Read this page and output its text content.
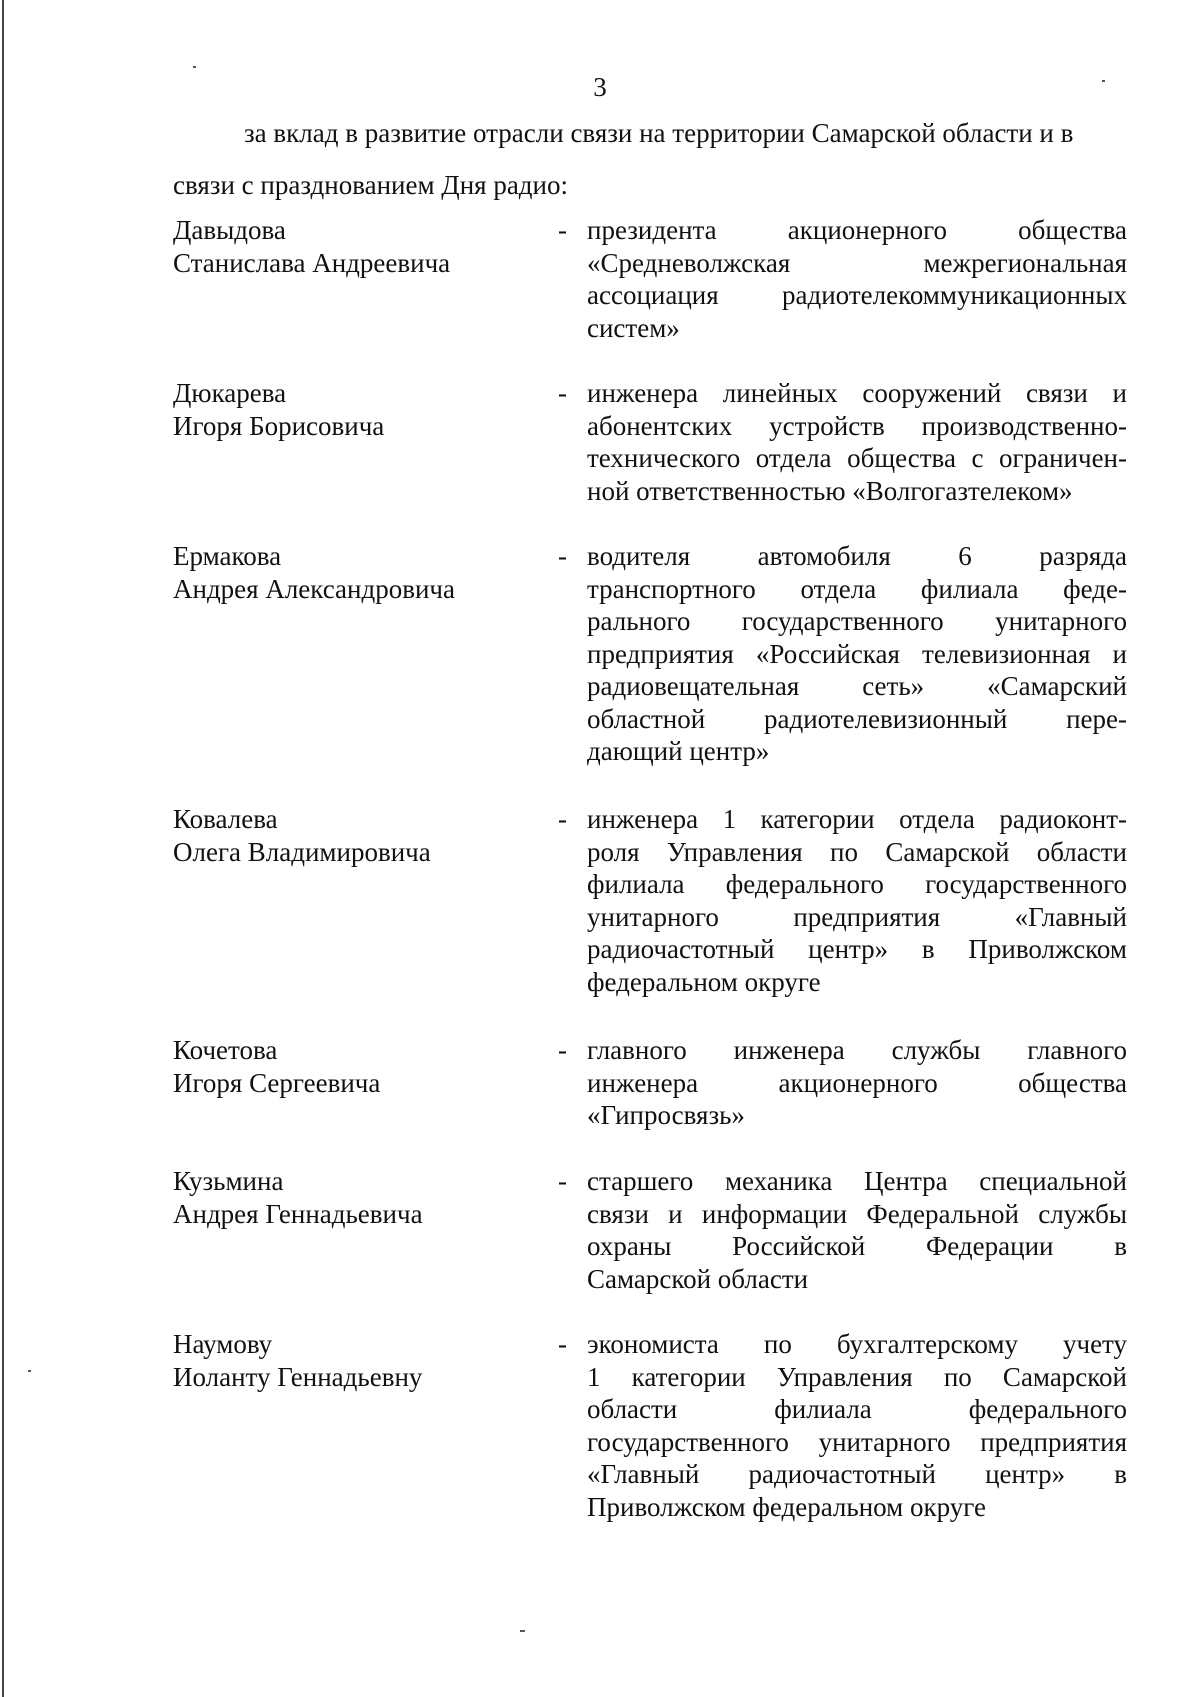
3
за вклад в развитие отрасли связи на территории Самарской области и в
связи с празднованием Дня радио:
Давыдова
Станислава Андреевича
- президента акционерного общества
«Средневолжская межрегиональная
ассоциация радиотелекоммуникационных
систем»
Дюкарева
Игоря Борисовича
- инженера линейных сооружений связи и
абонентских устройств производственно-
технического отдела общества с ограничен-
ной ответственностью «Волгогазтелеком»
Ермакова
Андрея Александровича
- водителя автомобиля 6 разряда
транспортного отдела филиала феде-
рального государственного унитарного
предприятия «Российская телевизионная и
радиовещательная сеть» «Самарский
областной радиотелевизионный пере-
дающий центр»
Ковалева
Олега Владимировича
- инженера 1 категории отдела радиоконт-
роля Управления по Самарской области
филиала федерального государственного
унитарного предприятия «Главный
радиочастотный центр» в Приволжском
федеральном округе
Кочетова
Игоря Сергеевича
- главного инженера службы главного
инженера акционерного общества
«Гипросвязь»
Кузьмина
Андрея Геннадьевича
- старшего механика Центра специальной
связи и информации Федеральной службы
охраны Российской Федерации в
Самарской области
Наумову
Иоланту Геннадьевну
- экономиста по бухгалтерскому учету
1 категории Управления по Самарской
области филиала федерального
государственного унитарного предприятия
«Главный радиочастотный центр» в
Приволжском федеральном округе
